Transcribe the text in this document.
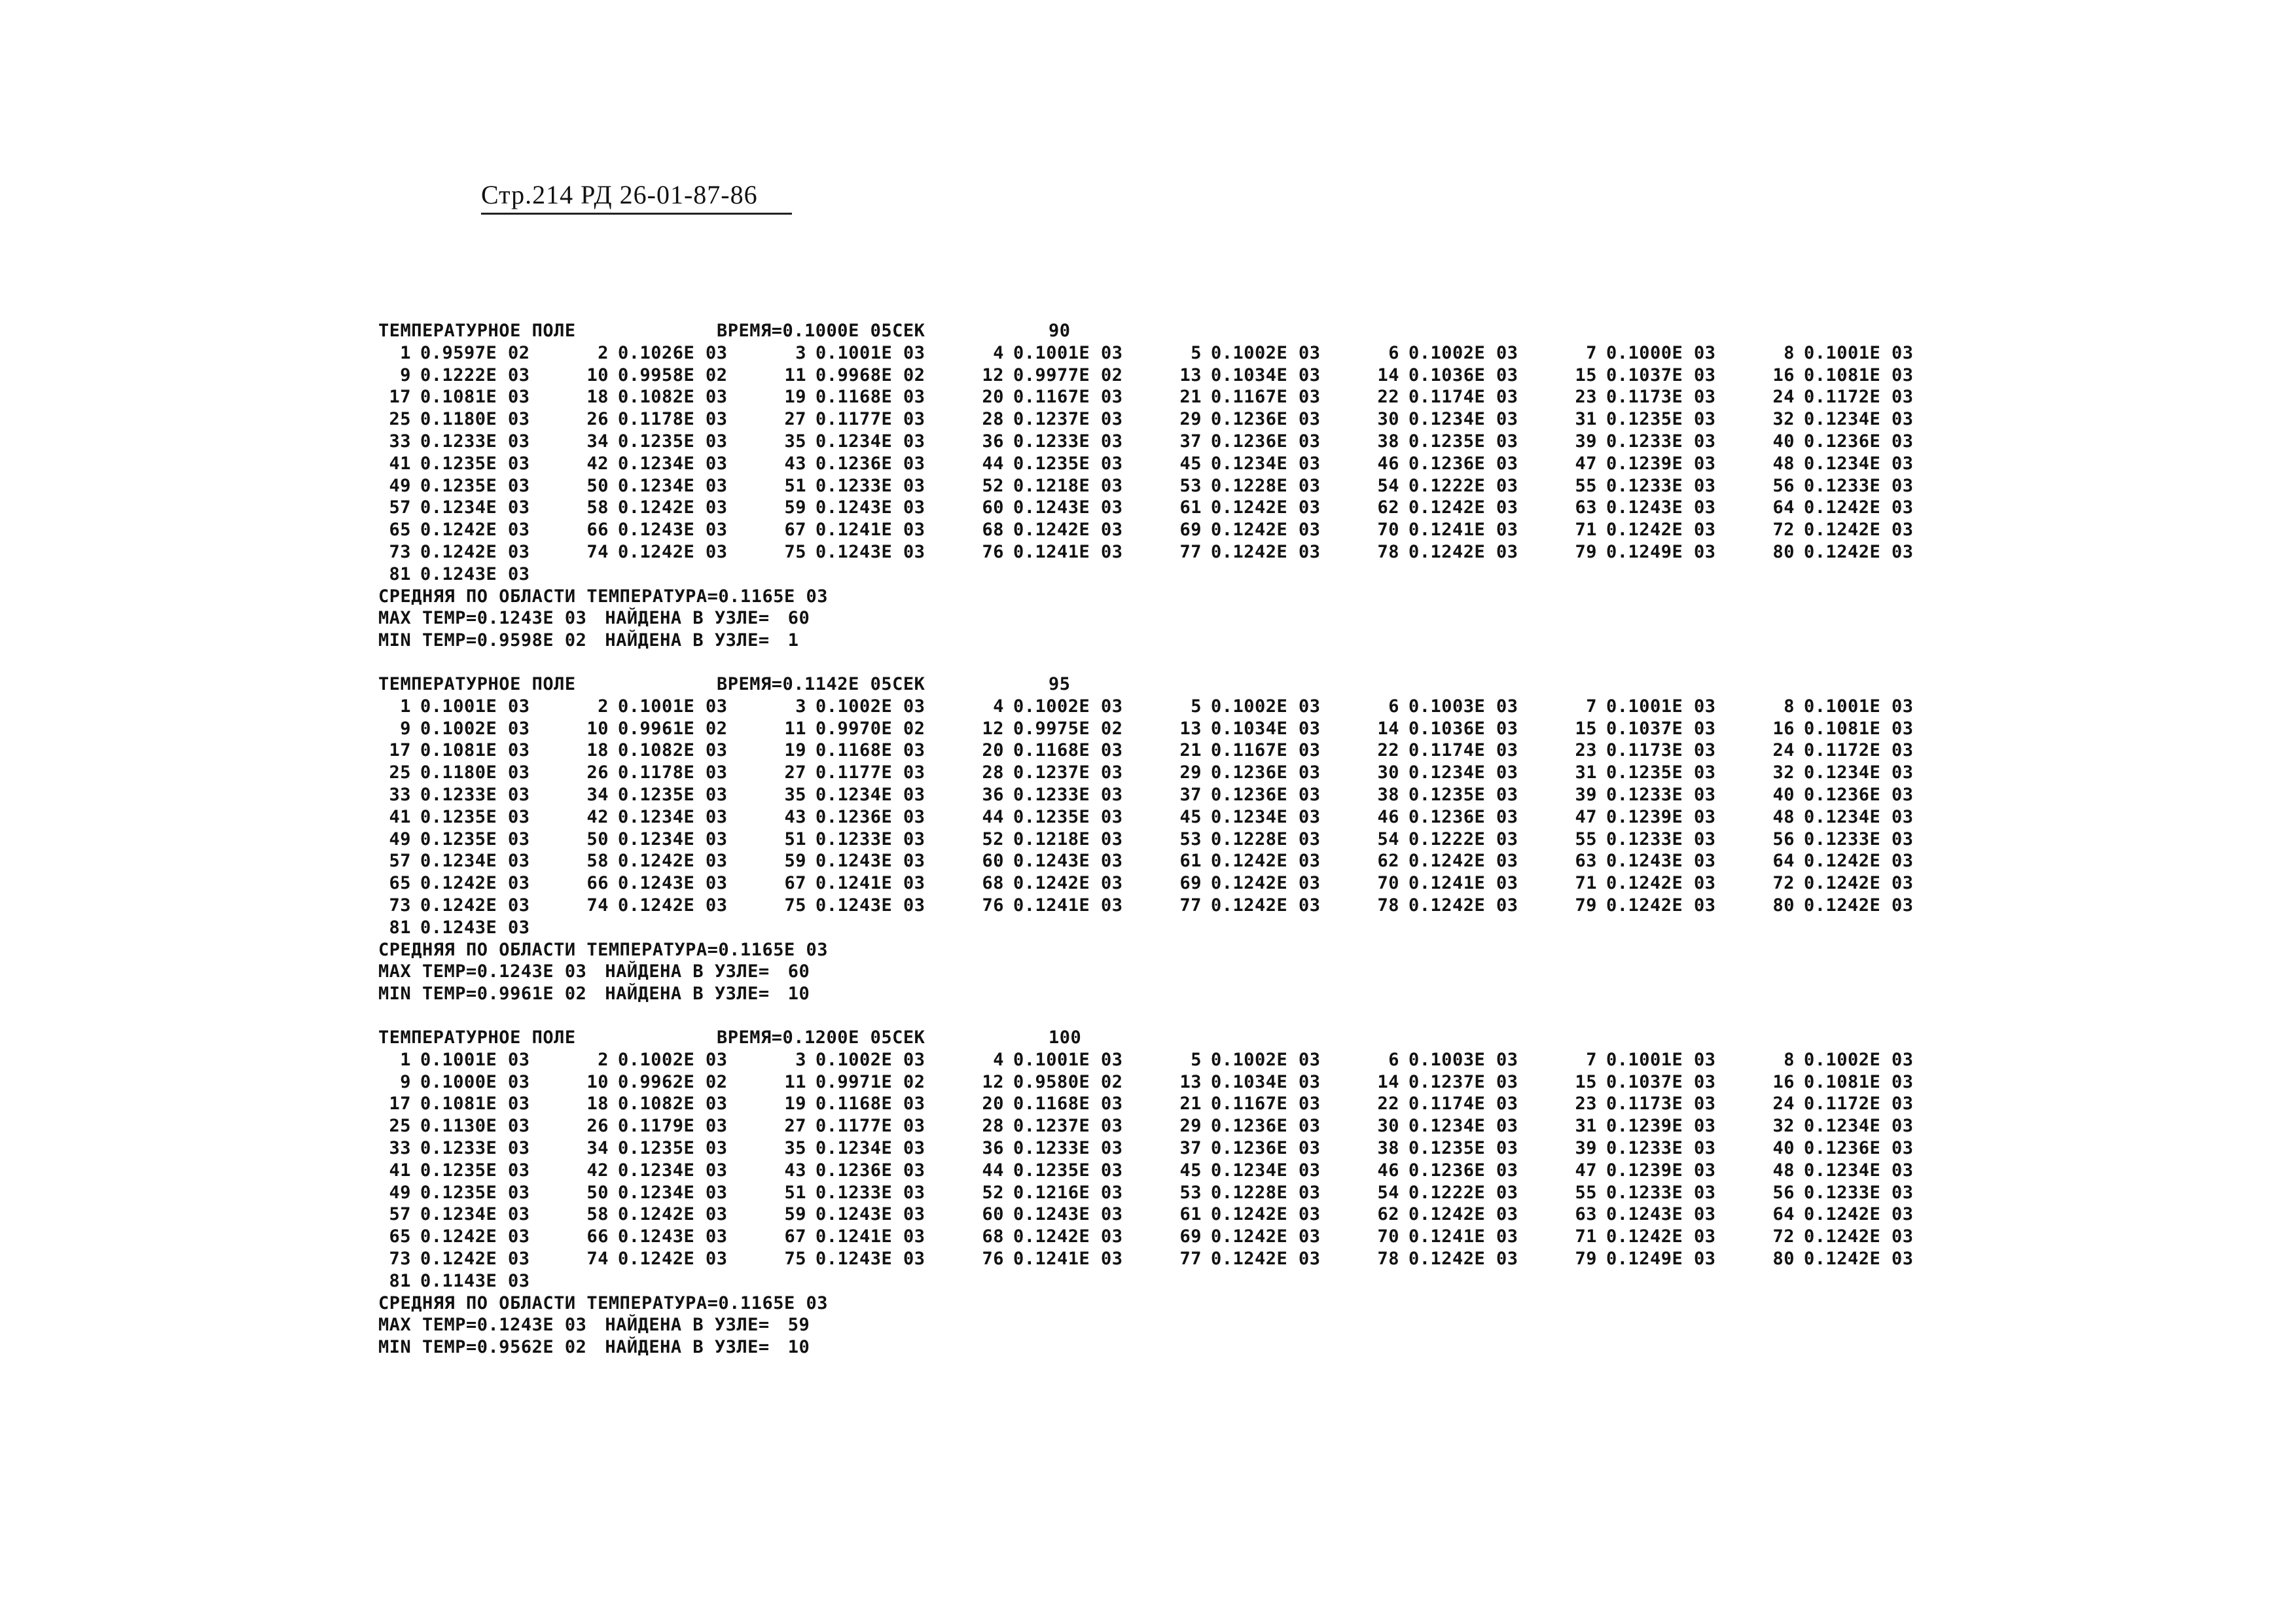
Стр.214 РД 26-01-87-86
ТЕМПЕРАТУРНОЕ ПОЛЕ	ВРЕМЯ=0.1000E 05СЕК	90
1 0.9597E 02	2 0.1026E 03	3 0.1001E 03	4 0.1001E 03	5 0.1002E 03	6 0.1002E 03	7 0.1000E 03	8 0.1001E 03
9 0.1222E 03	10 0.9958E 02	11 0.9968E 02	12 0.9977E 02	13 0.1034E 03	14 0.1036E 03	15 0.1037E 03	16 0.1081E 03
17 0.1081E 03	18 0.1082E 03	19 0.1168E 03	20 0.1167E 03	21 0.1167E 03	22 0.1174E 03	23 0.1173E 03	24 0.1172E 03
25 0.1180E 03	26 0.1178E 03	27 0.1177E 03	28 0.1237E 03	29 0.1236E 03	30 0.1234E 03	31 0.1235E 03	32 0.1234E 03
33 0.1233E 03	34 0.1235E 03	35 0.1234E 03	36 0.1233E 03	37 0.1236E 03	38 0.1235E 03	39 0.1233E 03	40 0.1236E 03
41 0.1235E 03	42 0.1234E 03	43 0.1236E 03	44 0.1235E 03	45 0.1234E 03	46 0.1236E 03	47 0.1239E 03	48 0.1234E 03
49 0.1235E 03	50 0.1234E 03	51 0.1233E 03	52 0.1218E 03	53 0.1228E 03	54 0.1222E 03	55 0.1233E 03	56 0.1233E 03
57 0.1234E 03	58 0.1242E 03	59 0.1243E 03	60 0.1243E 03	61 0.1242E 03	62 0.1242E 03	63 0.1243E 03	64 0.1242E 03
65 0.1242E 03	66 0.1243E 03	67 0.1241E 03	68 0.1242E 03	69 0.1242E 03	70 0.1241E 03	71 0.1242E 03	72 0.1242E 03
73 0.1242E 03	74 0.1242E 03	75 0.1243E 03	76 0.1241E 03	77 0.1242E 03	78 0.1242E 03	79 0.1249E 03	80 0.1242E 03
81 0.1243E 03
СРЕДНЯЯ ПО ОБЛАСТИ ТЕМПЕРАТУРА=0.1165E 03
MAX TEMP=0.1243E 03 НАЙДЕНА В УЗЛЕ= 60
MIN TEMP=0.9598E 02 НАЙДЕНА В УЗЛЕ= 1
ТЕМПЕРАТУРНОЕ ПОЛЕ	ВРЕМЯ=0.1142E 05СЕК	95
1 0.1001E 03	2 0.1001E 03	3 0.1002E 03	4 0.1002E 03	5 0.1002E 03	6 0.1003E 03	7 0.1001E 03	8 0.1001E 03
9 0.1002E 03	10 0.9961E 02	11 0.9970E 02	12 0.9975E 02	13 0.1034E 03	14 0.1036E 03	15 0.1037E 03	16 0.1081E 03
17 0.1081E 03	18 0.1082E 03	19 0.1168E 03	20 0.1168E 03	21 0.1167E 03	22 0.1174E 03	23 0.1173E 03	24 0.1172E 03
25 0.1180E 03	26 0.1178E 03	27 0.1177E 03	28 0.1237E 03	29 0.1236E 03	30 0.1234E 03	31 0.1235E 03	32 0.1234E 03
33 0.1233E 03	34 0.1235E 03	35 0.1234E 03	36 0.1233E 03	37 0.1236E 03	38 0.1235E 03	39 0.1233E 03	40 0.1236E 03
41 0.1235E 03	42 0.1234E 03	43 0.1236E 03	44 0.1235E 03	45 0.1234E 03	46 0.1236E 03	47 0.1239E 03	48 0.1234E 03
49 0.1235E 03	50 0.1234E 03	51 0.1233E 03	52 0.1218E 03	53 0.1228E 03	54 0.1222E 03	55 0.1233E 03	56 0.1233E 03
57 0.1234E 03	58 0.1242E 03	59 0.1243E 03	60 0.1243E 03	61 0.1242E 03	62 0.1242E 03	63 0.1243E 03	64 0.1242E 03
65 0.1242E 03	66 0.1243E 03	67 0.1241E 03	68 0.1242E 03	69 0.1242E 03	70 0.1241E 03	71 0.1242E 03	72 0.1242E 03
73 0.1242E 03	74 0.1242E 03	75 0.1243E 03	76 0.1241E 03	77 0.1242E 03	78 0.1242E 03	79 0.1242E 03	80 0.1242E 03
81 0.1243E 03
СРЕДНЯЯ ПО ОБЛАСТИ ТЕМПЕРАТУРА=0.1165E 03
MAX TEMP=0.1243E 03 НАЙДЕНА В УЗЛЕ= 60
MIN TEMP=0.9961E 02 НАЙДЕНА В УЗЛЕ= 10
ТЕМПЕРАТУРНОЕ ПОЛЕ	ВРЕМЯ=0.1200E 05СЕК	100
1 0.1001E 03	2 0.1002E 03	3 0.1002E 03	4 0.1001E 03	5 0.1002E 03	6 0.1003E 03	7 0.1001E 03	8 0.1002E 03
9 0.1000E 03	10 0.9962E 02	11 0.9971E 02	12 0.9580E 02	13 0.1034E 03	14 0.1237E 03	15 0.1037E 03	16 0.1081E 03
17 0.1081E 03	18 0.1082E 03	19 0.1168E 03	20 0.1168E 03	21 0.1167E 03	22 0.1174E 03	23 0.1173E 03	24 0.1172E 03
25 0.1130E 03	26 0.1179E 03	27 0.1177E 03	28 0.1237E 03	29 0.1236E 03	30 0.1234E 03	31 0.1239E 03	32 0.1234E 03
33 0.1233E 03	34 0.1235E 03	35 0.1234E 03	36 0.1233E 03	37 0.1236E 03	38 0.1235E 03	39 0.1233E 03	40 0.1236E 03
41 0.1235E 03	42 0.1234E 03	43 0.1236E 03	44 0.1235E 03	45 0.1234E 03	46 0.1236E 03	47 0.1239E 03	48 0.1234E 03
49 0.1235E 03	50 0.1234E 03	51 0.1233E 03	52 0.1216E 03	53 0.1228E 03	54 0.1222E 03	55 0.1233E 03	56 0.1233E 03
57 0.1234E 03	58 0.1242E 03	59 0.1243E 03	60 0.1243E 03	61 0.1242E 03	62 0.1242E 03	63 0.1243E 03	64 0.1242E 03
65 0.1242E 03	66 0.1243E 03	67 0.1241E 03	68 0.1242E 03	69 0.1242E 03	70 0.1241E 03	71 0.1242E 03	72 0.1242E 03
73 0.1242E 03	74 0.1242E 03	75 0.1243E 03	76 0.1241E 03	77 0.1242E 03	78 0.1242E 03	79 0.1249E 03	80 0.1242E 03
81 0.1143E 03
СРЕДНЯЯ ПО ОБЛАСТИ ТЕМПЕРАТУРА=0.1165E 03
MAX TEMP=0.1243E 03 НАЙДЕНА В УЗЛЕ= 59
MIN TEMP=0.9562E 02 НАЙДЕНА В УЗЛЕ= 10
